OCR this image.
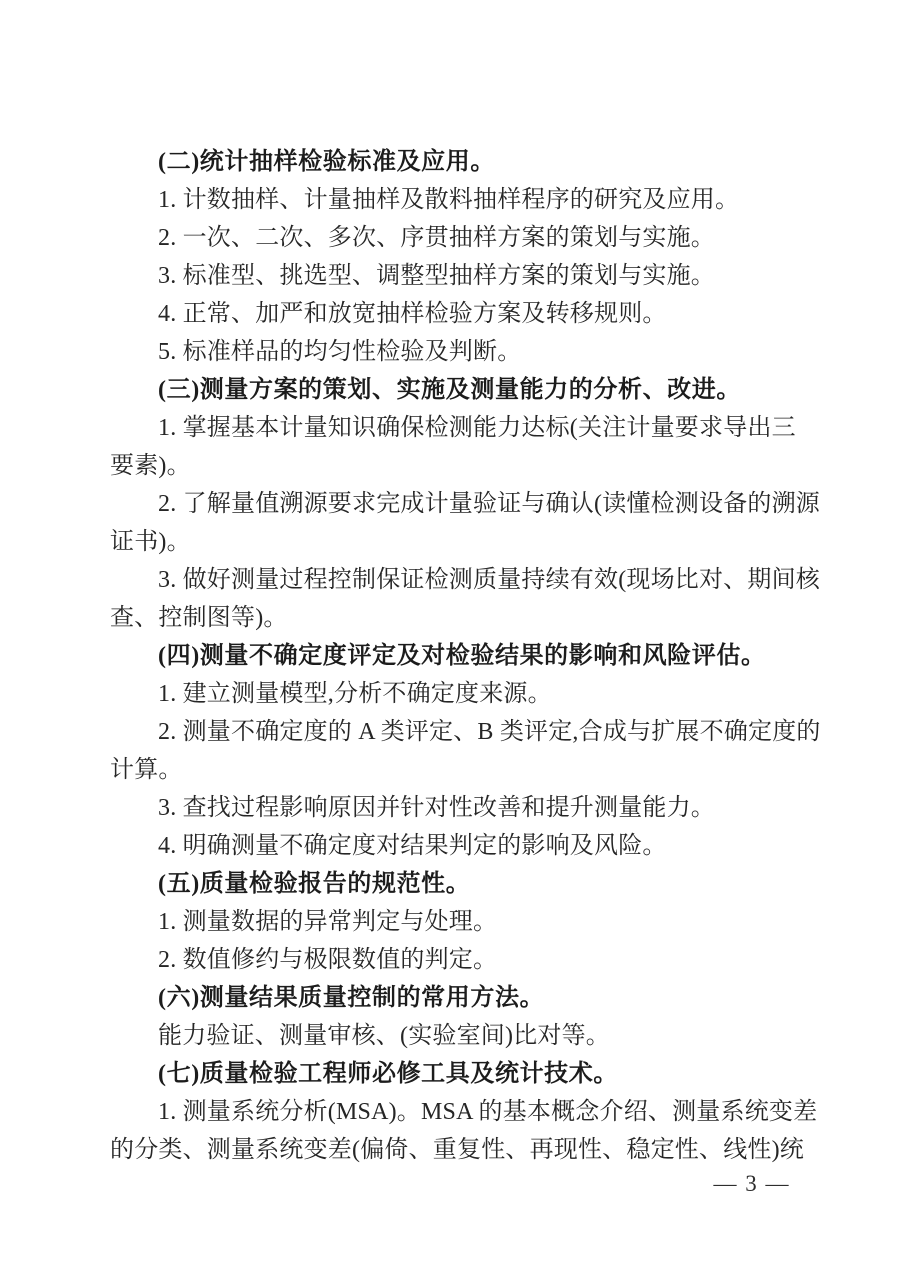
(二)统计抽样检验标准及应用。
1. 计数抽样、计量抽样及散料抽样程序的研究及应用。
2. 一次、二次、多次、序贯抽样方案的策划与实施。
3. 标准型、挑选型、调整型抽样方案的策划与实施。
4. 正常、加严和放宽抽样检验方案及转移规则。
5. 标准样品的均匀性检验及判断。
(三)测量方案的策划、实施及测量能力的分析、改进。
1. 掌握基本计量知识确保检测能力达标(关注计量要求导出三
要素)。
2. 了解量值溯源要求完成计量验证与确认(读懂检测设备的溯源
证书)。
3. 做好测量过程控制保证检测质量持续有效(现场比对、期间核
查、控制图等)。
(四)测量不确定度评定及对检验结果的影响和风险评估。
1. 建立测量模型,分析不确定度来源。
2. 测量不确定度的 A 类评定、B 类评定,合成与扩展不确定度的
计算。
3. 查找过程影响原因并针对性改善和提升测量能力。
4. 明确测量不确定度对结果判定的影响及风险。
(五)质量检验报告的规范性。
1. 测量数据的异常判定与处理。
2. 数值修约与极限数值的判定。
(六)测量结果质量控制的常用方法。
能力验证、测量审核、(实验室间)比对等。
(七)质量检验工程师必修工具及统计技术。
1. 测量系统分析(MSA)。MSA 的基本概念介绍、测量系统变差
的分类、测量系统变差(偏倚、重复性、再现性、稳定性、线性)统
— 3 —
